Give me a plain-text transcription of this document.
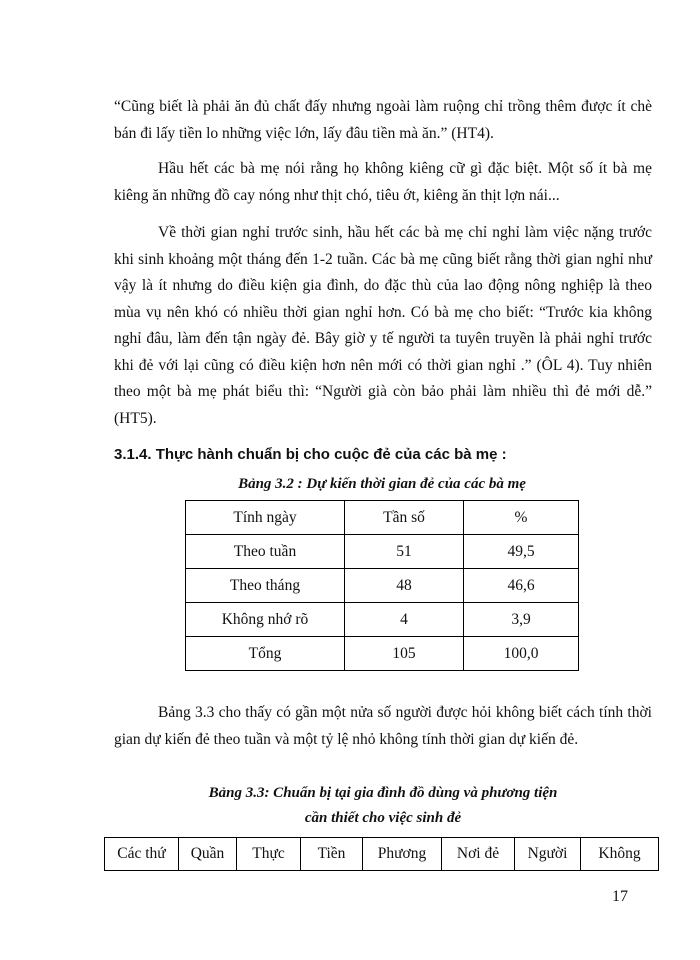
“Cũng biết là phải ăn đủ chất đấy nhưng ngoài làm ruộng chỉ trồng thêm được ít chè bán đi lấy tiền lo những việc lớn, lấy đâu tiền mà ăn.” (HT4).

Hầu hết các bà mẹ nói rằng họ không kiêng cữ gì đặc biệt. Một số ít bà mẹ kiêng ăn những đồ cay nóng như thịt chó, tiêu ớt, kiêng ăn thịt lợn nái...

Về thời gian nghỉ trước sinh, hầu hết các bà mẹ chỉ nghỉ làm việc nặng trước khi sinh khoảng một tháng đến 1-2 tuần. Các bà mẹ cũng biết rằng thời gian nghỉ như vậy là ít nhưng do điều kiện gia đình, do đặc thù của lao động nông nghiệp là theo mùa vụ nên khó có nhiều thời gian nghỉ hơn. Có bà mẹ cho biết: “Trước kia không nghỉ đâu, làm đến tận ngày đẻ. Bây giờ y tế người ta tuyên truyền là phải nghỉ trước khi đẻ với lại cũng có điều kiện hơn nên mới có thời gian nghỉ .” (ÔL 4). Tuy nhiên theo một bà mẹ phát biểu thì: “Người già còn bảo phải làm nhiều thì đẻ mới dễ.” (HT5).

3.1.4. Thực hành chuẩn bị cho cuộc đẻ của các bà mẹ :

Bảng 3.2 : Dự kiến thời gian đẻ của các bà mẹ

Tính ngày	Tần số	%
Theo tuần	51	49,5
Theo tháng	48	46,6
Không nhớ rõ	4	3,9
Tổng	105	100,0

Bảng 3.3 cho thấy có gần một nửa số người được hỏi không biết cách tính thời gian dự kiến đẻ theo tuần và một tỷ lệ nhỏ không tính thời gian dự kiến đẻ.

Bảng 3.3: Chuẩn bị tại gia đình đồ dùng và phương tiện

cần thiết cho việc sinh đẻ

Các thứ	Quần	Thực	Tiền	Phương	Nơi đẻ	Người	Không
17
